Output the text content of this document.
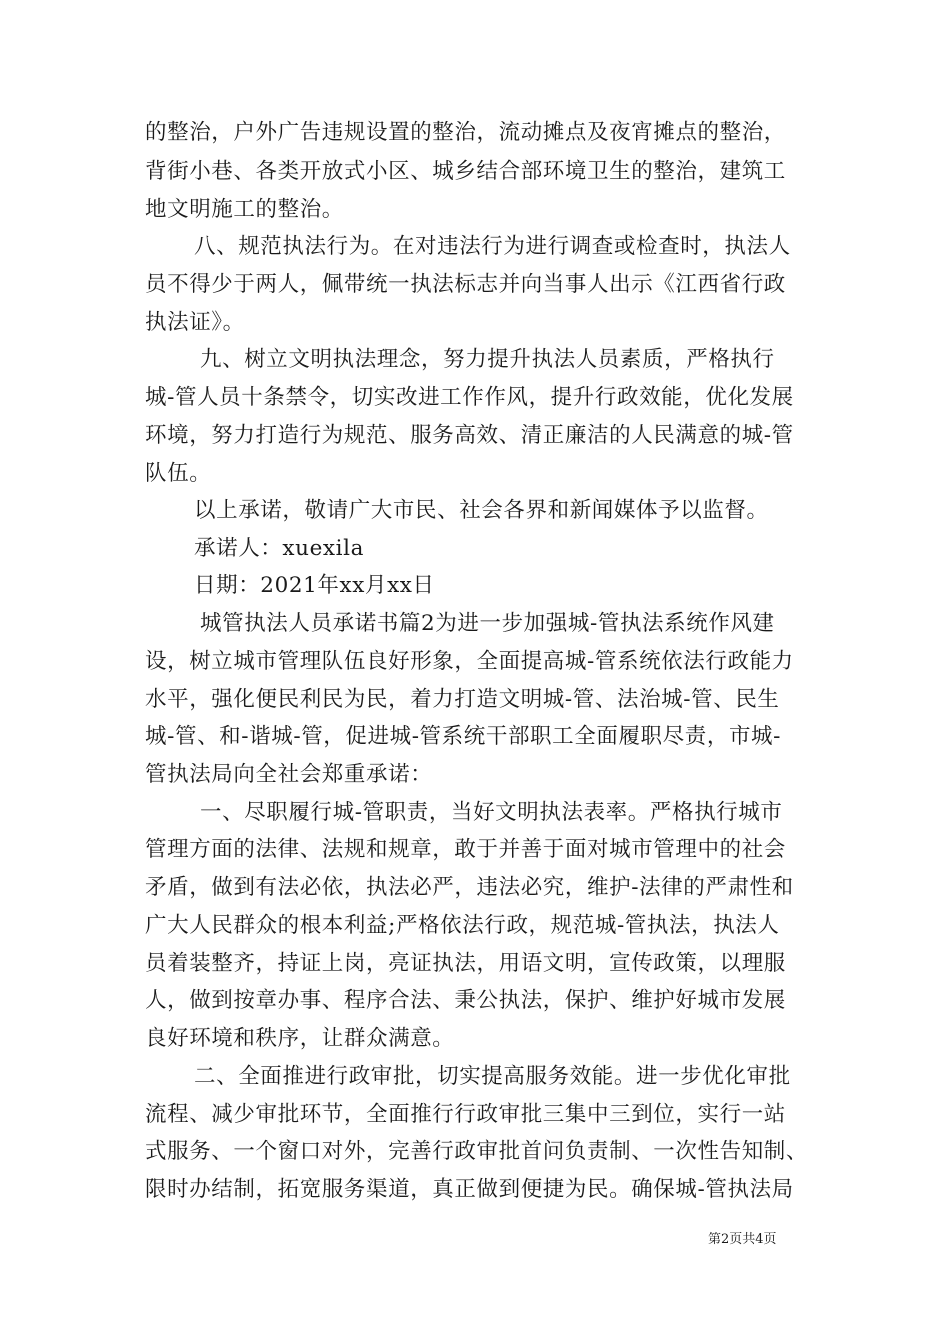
的整治，户外广告违规设置的整治，流动摊点及夜宵摊点的整治，
背街小巷、各类开放式小区、城乡结合部环境卫生的整治，建筑工
地文明施工的整治。
八、规范执法行为。在对违法行为进行调查或检查时，执法人
员不得少于两人，佩带统一执法标志并向当事人出示《江西省行政
执法证》。
九、树立文明执法理念，努力提升执法人员素质，严格执行
城-管人员十条禁令，切实改进工作作风，提升行政效能，优化发展
环境，努力打造行为规范、服务高效、清正廉洁的人民满意的城-管
队伍。
以上承诺，敬请广大市民、社会各界和新闻媒体予以监督。
承诺人：xuexila
日期：2021年xx月xx日
城管执法人员承诺书篇2为进一步加强城-管执法系统作风建
设，树立城市管理队伍良好形象，全面提高城-管系统依法行政能力
水平，强化便民利民为民，着力打造文明城-管、法治城-管、民生
城-管、和-谐城-管，促进城-管系统干部职工全面履职尽责，市城-
管执法局向全社会郑重承诺：
一、尽职履行城-管职责，当好文明执法表率。严格执行城市
管理方面的法律、法规和规章，敢于并善于面对城市管理中的社会
矛盾，做到有法必依，执法必严，违法必究，维护-法律的严肃性和
广大人民群众的根本利益;严格依法行政，规范城-管执法，执法人
员着装整齐，持证上岗，亮证执法，用语文明，宣传政策，以理服
人，做到按章办事、程序合法、秉公执法，保护、维护好城市发展
良好环境和秩序，让群众满意。
二、全面推进行政审批，切实提高服务效能。进一步优化审批
流程、减少审批环节，全面推行行政审批三集中三到位，实行一站
式服务、一个窗口对外，完善行政审批首问负责制、一次性告知制、
限时办结制，拓宽服务渠道，真正做到便捷为民。确保城-管执法局
第2页共4页
